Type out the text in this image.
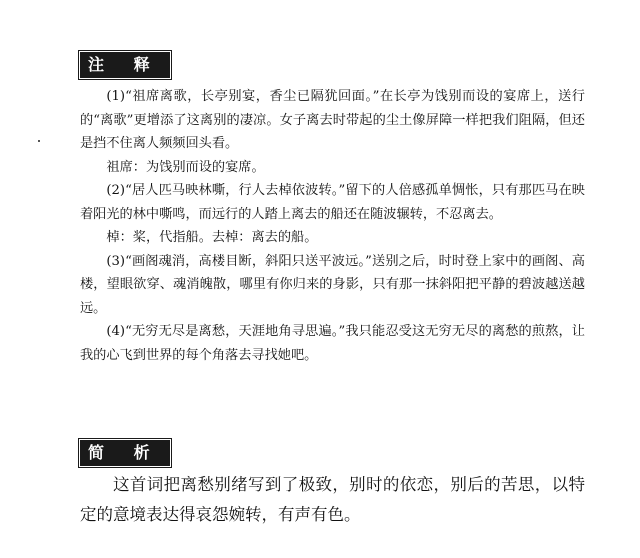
注 释

(1)“祖席离歌，长亭别宴，香尘已隔犹回面。”在长亭为饯别而设的宴席上，送行的“离歌”更增添了这离别的凄凉。女子离去时带起的尘土像屏障一样把我们阻隔，但还是挡不住离人频频回头看。

祖席：为饯别而设的宴席。

(2)“居人匹马映林嘶，行人去棹依波转。”留下的人倍感孤单惆怅，只有那匹马在映着阳光的林中嘶鸣，而远行的人踏上离去的船还在随波辗转，不忍离去。

棹：桨，代指船。去棹：离去的船。

(3)“画阁魂消，高楼目断，斜阳只送平波远。”送别之后，时时登上家中的画阁、高楼，望眼欲穿、魂消魄散，哪里有你归来的身影，只有那一抹斜阳把平静的碧波越送越远。

(4)“无穷无尽是离愁，天涯地角寻思遍。”我只能忍受这无穷无尽的离愁的煎熬，让我的心飞到世界的每个角落去寻找她吧。

简 析

这首词把离愁别绪写到了极致，别时的依恋，别后的苦思，以特定的意境表达得哀怨婉转，有声有色。
